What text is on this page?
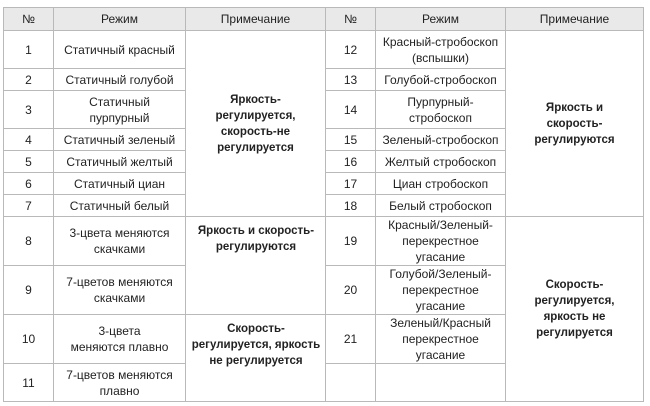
№	Режим	Примечание	№	Режим	Примечание
1	Статичный красный	Яркость-регулируется, скорость-не регулируется	12	Красный-стробоскоп (вспышки)	Яркость и скорость-регулируются
2	Статичный голубой		13	Голубой-стробоскоп	
3	Статичный пурпурный		14	Пурпурный-стробоскоп	
4	Статичный зеленый		15	Зеленый-стробоскоп	
5	Статичный желтый		16	Желтый стробоскоп	
6	Статичный циан		17	Циан стробоскоп	
7	Статичный белый		18	Белый стробоскоп	
8	3-цвета меняются скачками	Яркость и скорость-регулируются	19	Красный/Зеленый-перекрестное угасание	Скорость-регулируется, яркость не регулируется
9	7-цветов меняются скачками		20	Голубой/Зеленый-перекрестное угасание	
10	3-цвета меняются плавно	Скорость-регулируется, яркость не регулируется	21	Зеленый/Красный перекрестное угасание	
11	7-цветов меняются плавно				
